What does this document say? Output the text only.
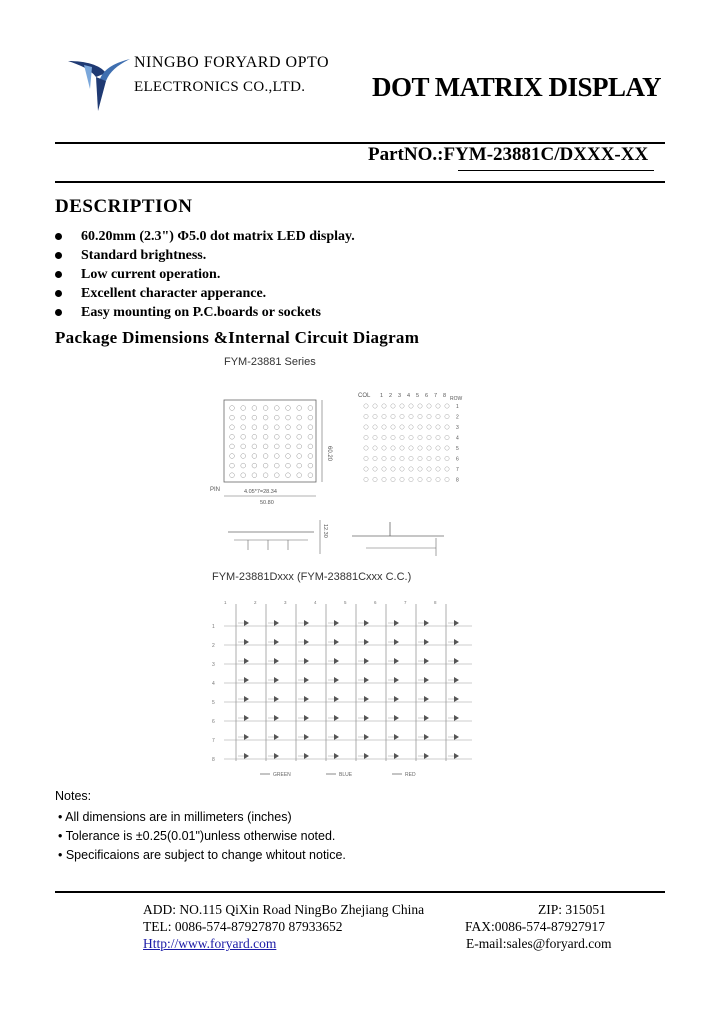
NINGBO FORYARD OPTO
ELECTRONICS CO.,LTD. DOT MATRIX DISPLAY
PartNO.:FYM-23881C/DXXX-XX
DESCRIPTION
60.20mm (2.3") Φ5.0 dot matrix LED display.
Standard brightness.
Low current operation.
Excellent character apperance.
Easy mounting on P.C.boards or sockets
Package Dimensions &Internal Circuit Diagram
FYM-23881 Series
60.20
PIN	4.05*7=28.34
50.80
COL	ROW
1 2 3 4 5 6 7 8
1
2
3
4
5
6
7
8
12.30
FYM-23881Dxxx (FYM-23881Cxxx C.C.)
1	2	3	4	5	6	7	8
1
2
3
4
5
6
7
8
GREEN	BLUE	RED
Notes:
• All dimensions are in millimeters (inches)
• Tolerance is ±0.25(0.01")unless otherwise noted.
• Specificaions are subject to change whitout notice.
ADD: NO.115 QiXin Road NingBo Zhejiang China	ZIP: 315051
TEL: 0086-574-87927870 87933652	FAX:0086-574-87927917
Http://www.foryard.com	E-mail:sales@foryard.com
